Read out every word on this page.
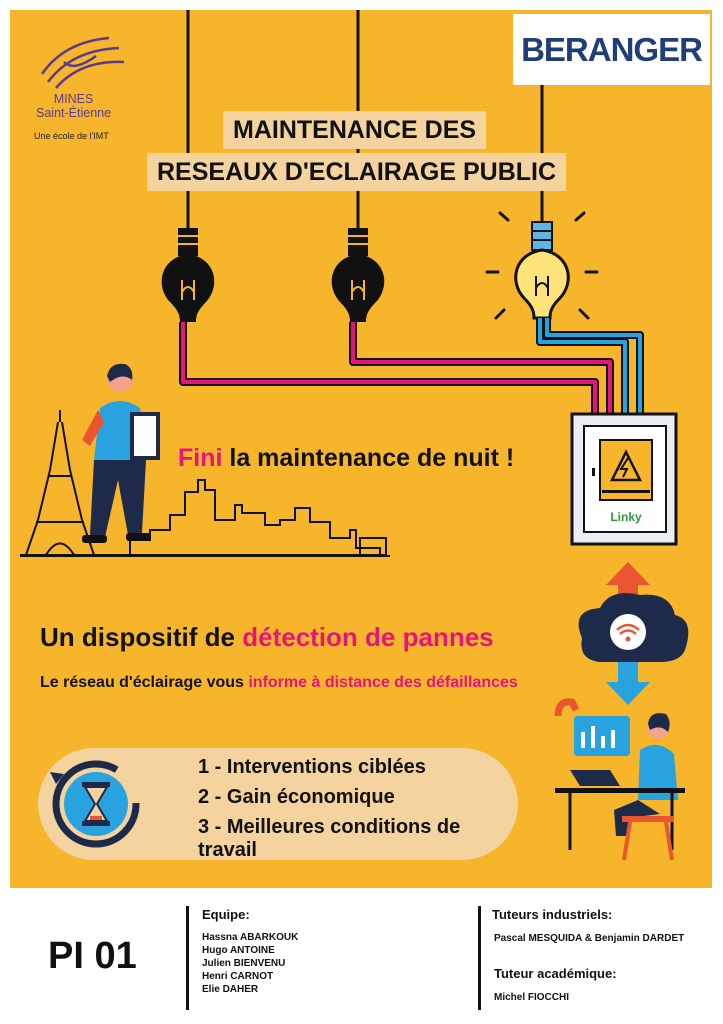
MINES
Saint-Étienne
Une école de l'IMT	MAINTENANCE DES
RESEAUX D'ECLAIRAGE PUBLIC
Fini la maintenance de nuit !
Linky
Un dispositif de détection de pannes
Le réseau d'éclairage vous informe à distance des défaillances
1 - Interventions ciblées
2 - Gain économique
3 - Meilleures conditions de travail
BERANGER
PI 01
Equipe:
Hassna ABARKOUK
Hugo ANTOINE
Julien BIENVENU
Henri CARNOT
Elie DAHER
Tuteurs industriels:
Pascal MESQUIDA & Benjamin DARDET
Tuteur académique:
Michel FIOCCHI
